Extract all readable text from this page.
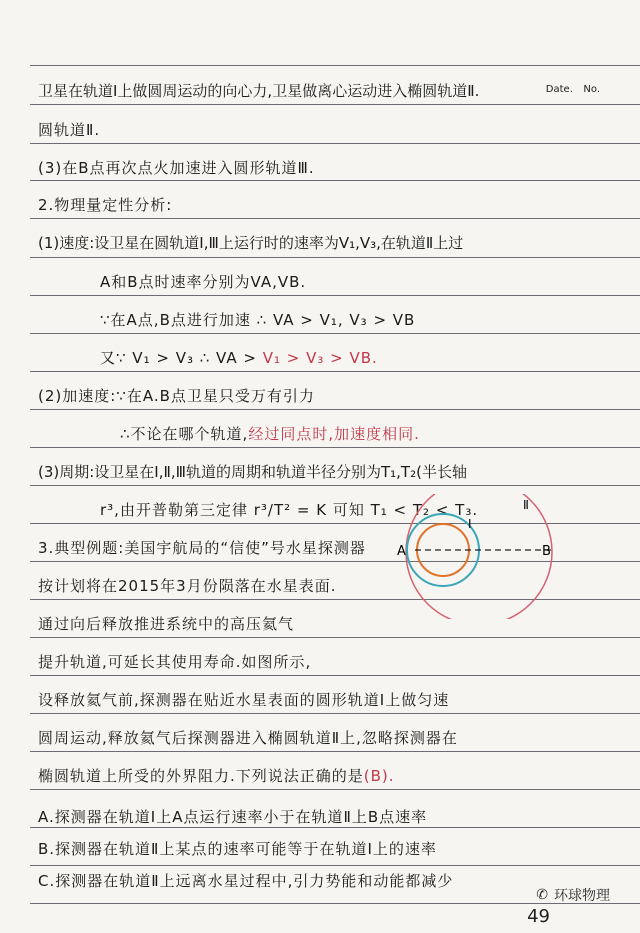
Date. No.
卫星在轨道Ⅰ上做圆周运动的向心力,卫星做离心运动进入椭圆轨道Ⅱ.
圆轨道Ⅱ.
(3)在B点再次点火加速进入圆形轨道Ⅲ.
2.物理量定性分析:
(1)速度:设卫星在圆轨道Ⅰ,Ⅲ上运行时的速率为V₁,V₃,在轨道Ⅱ上过
A和B点时速率分别为VA,VB.
∵在A点,B点进行加速 ∴ VA > V₁, V₃ > VB
又∵ V₁ > V₃ ∴ VA > V₁ > V₃ > VB.
(2)加速度:∵在A.B点卫星只受万有引力
∴不论在哪个轨道,经过同点时,加速度相同.
(3)周期:设卫星在Ⅰ,Ⅱ,Ⅲ轨道的周期和轨道半径分别为T₁,T₂(半长轴
r³,由开普勒第三定律 r³/T² = K 可知 T₁ < T₂ < T₃.
3.典型例题:美国宇航局的“信使”号水星探测器
按计划将在2015年3月份陨落在水星表面.
通过向后释放推进系统中的高压氦气
提升轨道,可延长其使用寿命.如图所示,
设释放氦气前,探测器在贴近水星表面的圆形轨道Ⅰ上做匀速
圆周运动,释放氦气后探测器进入椭圆轨道Ⅱ上,忽略探测器在
椭圆轨道上所受的外界阻力.下列说法正确的是(B).
A.探测器在轨道Ⅰ上A点运行速率小于在轨道Ⅱ上B点速率
B.探测器在轨道Ⅱ上某点的速率可能等于在轨道Ⅰ上的速率
C.探测器在轨道Ⅱ上远离水星过程中,引力势能和动能都减少
A	B
Ⅰ
Ⅱ
✆ 环球物理
49
